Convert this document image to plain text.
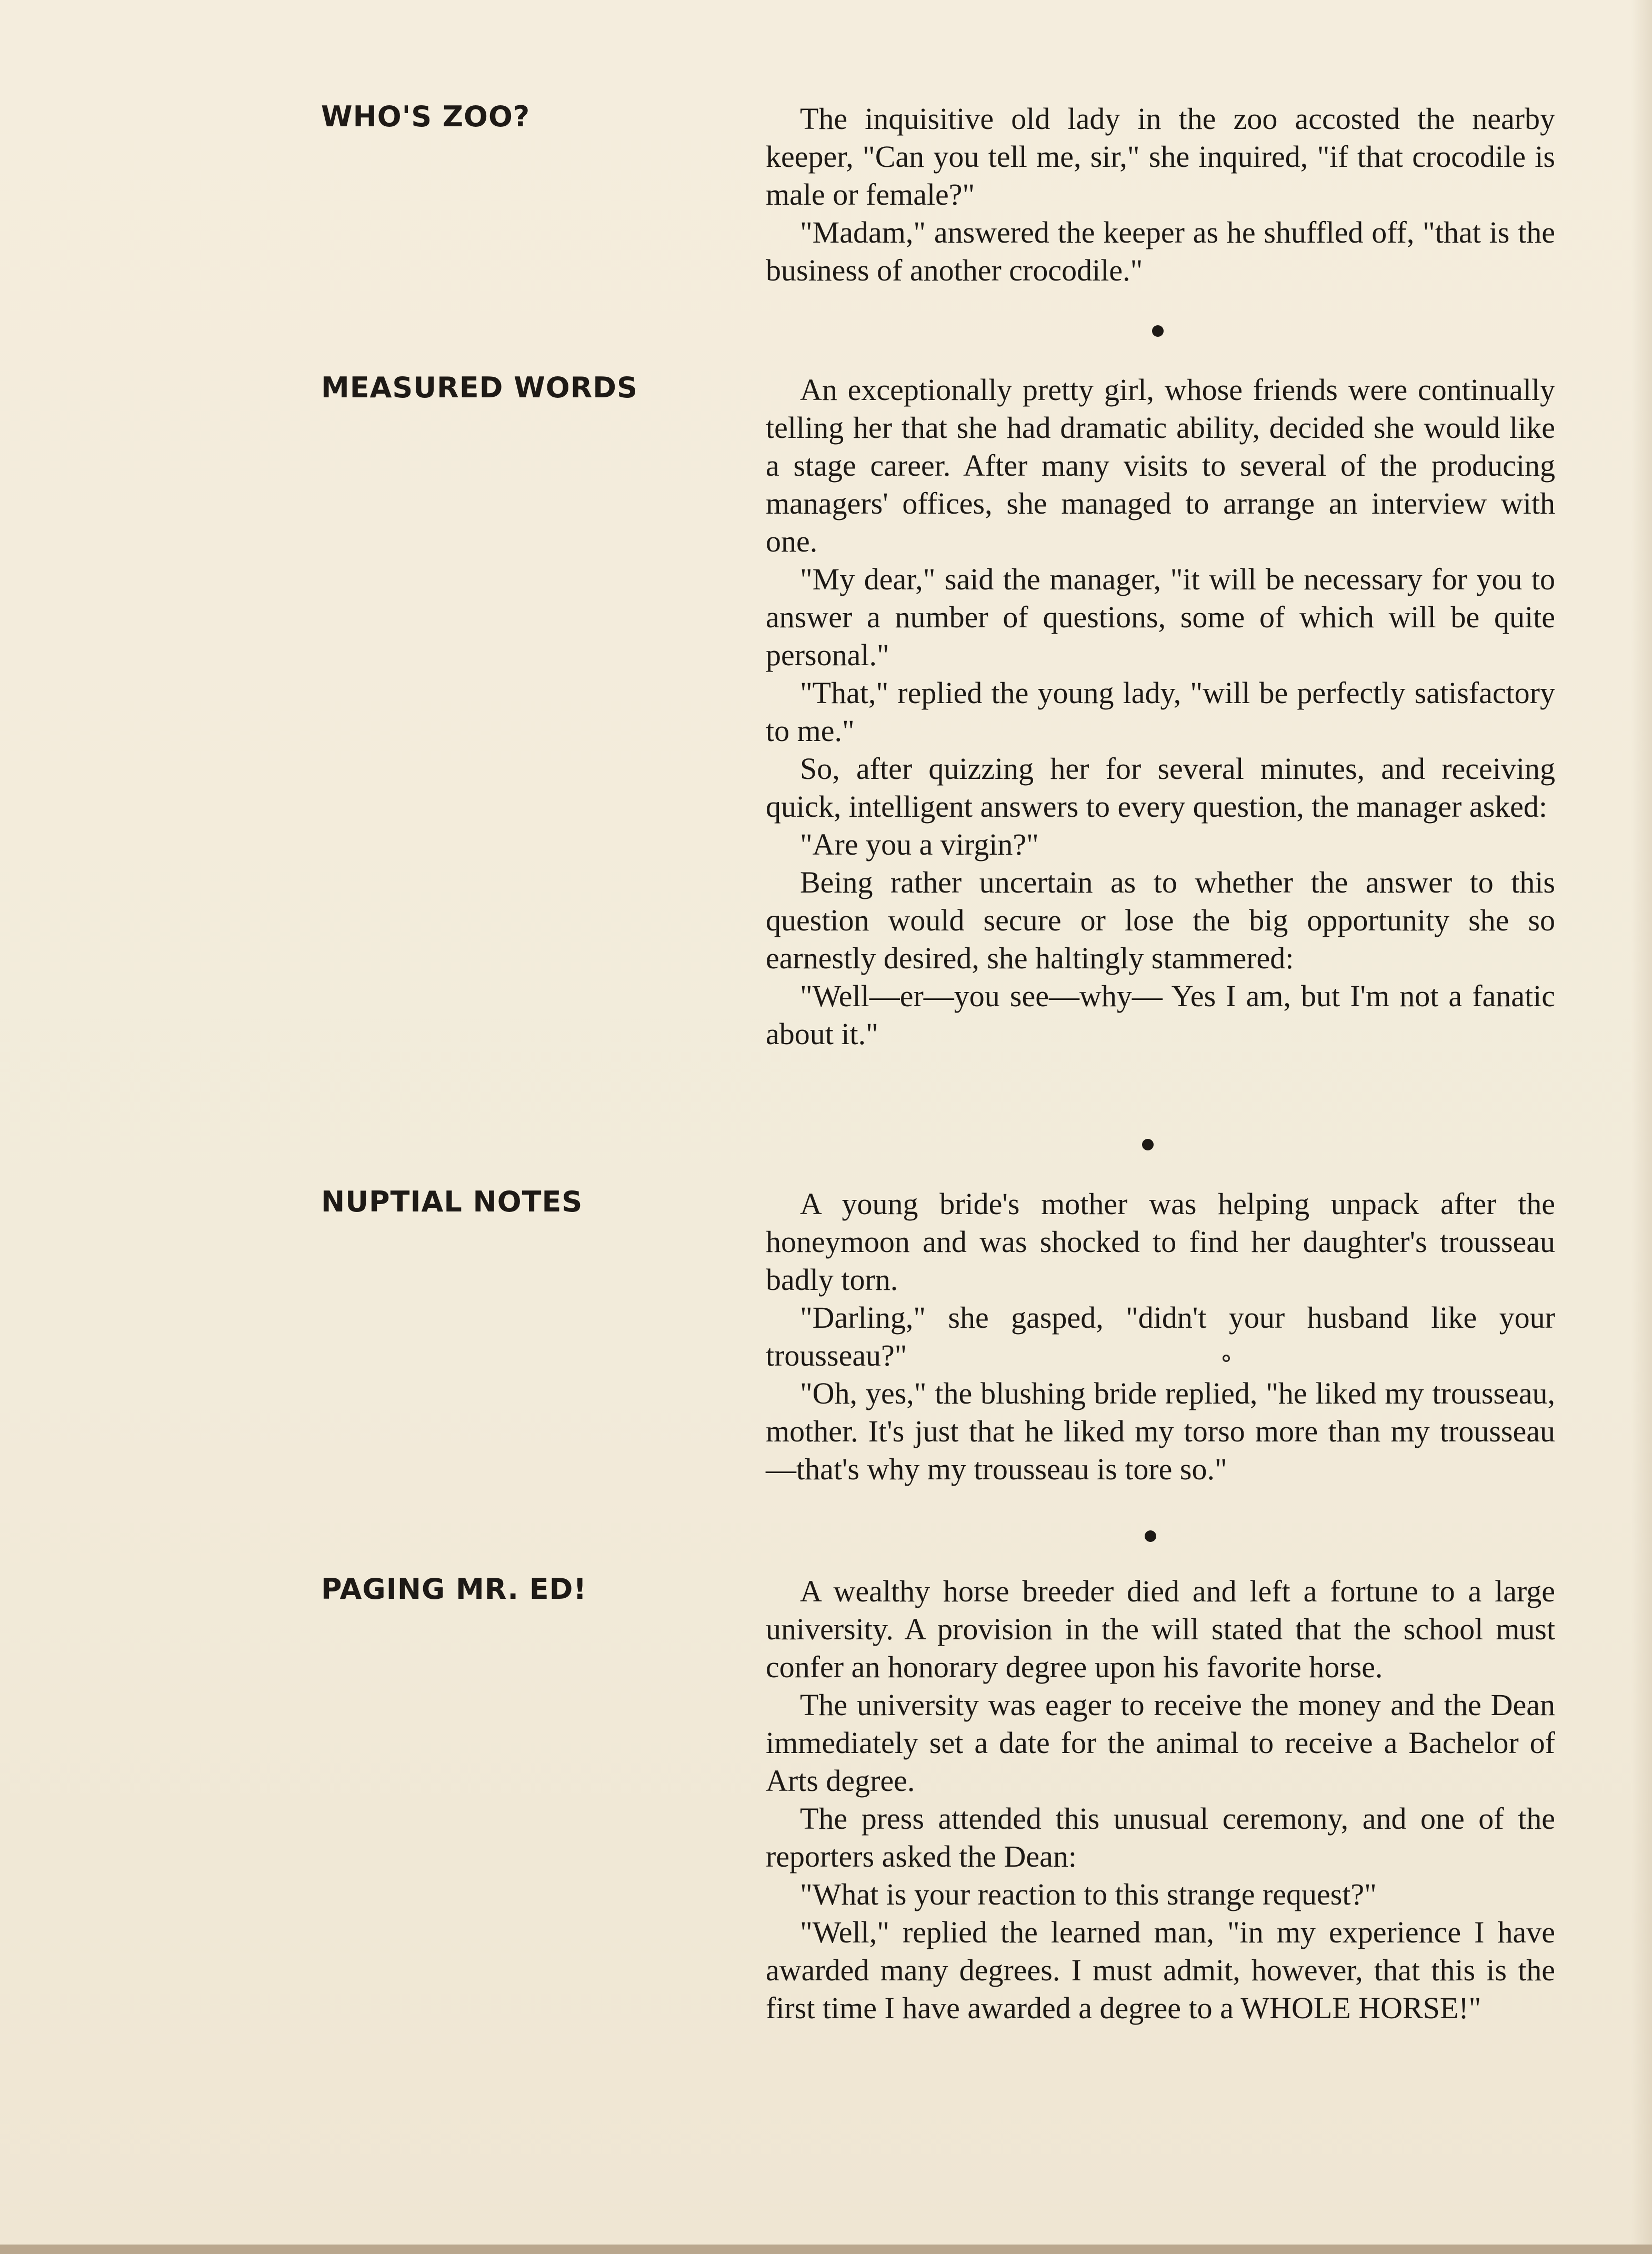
WHO'S ZOO?	The inquisitive old lady in the zoo accosted the nearby keeper, "Can you tell me, sir," she inquired, "if that crocodile is male or female?"

"Madam," answered the keeper as he shuffled off, "that is the business of another crocodile."

MEASURED WORDS	An exceptionally pretty girl, whose friends were continually telling her that she had dramatic ability, decided she would like a stage career. After many visits to several of the producing managers' offices, she managed to arrange an interview with one.

"My dear," said the manager, "it will be necessary for you to answer a number of questions, some of which will be quite personal."

"That," replied the young lady, "will be perfectly satisfactory to me."

So, after quizzing her for several minutes, and receiving quick, intelligent answers to every question, the manager asked:

"Are you a virgin?"

Being rather uncertain as to whether the answer to this question would secure or lose the big opportunity she so earnestly desired, she haltingly stammered:

"Well—er—you see—why— Yes I am, but I'm not a fanatic about it."

NUPTIAL NOTES	A young bride's mother was helping unpack after the honeymoon and was shocked to find her daughter's trousseau badly torn.

"Darling," she gasped, "didn't your husband like your trousseau?"

"Oh, yes," the blushing bride replied, "he liked my trousseau, mother. It's just that he liked my torso more than my trousseau—that's why my trousseau is tore so."

PAGING MR. ED!	A wealthy horse breeder died and left a fortune to a large university. A provision in the will stated that the school must confer an honorary degree upon his favorite horse.

The university was eager to receive the money and the Dean immediately set a date for the animal to receive a Bachelor of Arts degree.

The press attended this unusual ceremony, and one of the reporters asked the Dean:

"What is your reaction to this strange request?"

"Well," replied the learned man, "in my experience I have awarded many degrees. I must admit, however, that this is the first time I have awarded a degree to a WHOLE HORSE!"
